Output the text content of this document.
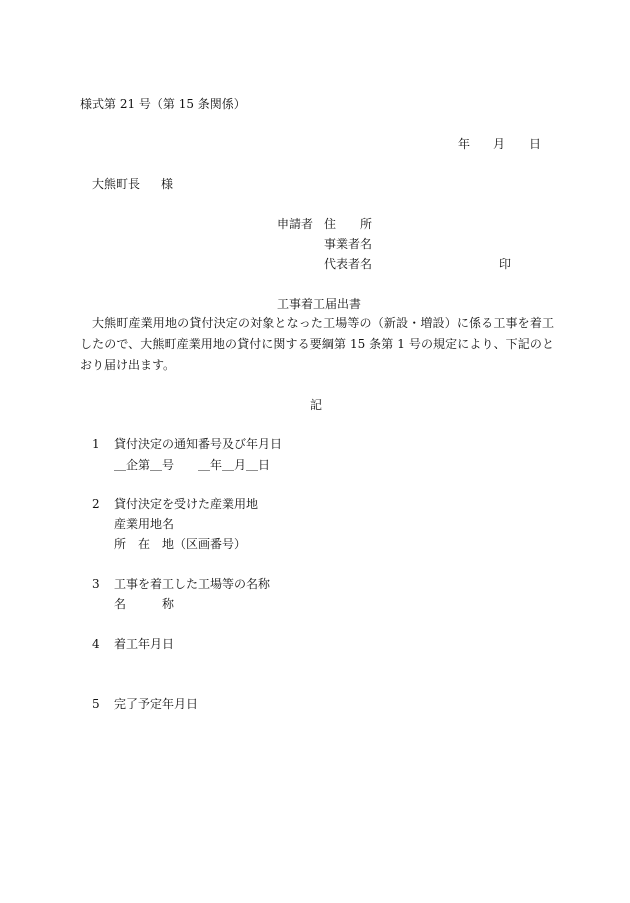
様式第 21 号（第 15 条関係）
年 月 日
大熊町長 様
申請者 住　　所
事業者名
代表者名	印
工事着工届出書
大熊町産業用地の貸付決定の対象となった工場等の（新設・増設）に係る工事を着工したので、大熊町産業用地の貸付に関する要綱第 15 条第 1 号の規定により、下記のとおり届け出ます。
記
1 貸付決定の通知番号及び年月日
＿企第＿号　　＿年＿月＿日
2 貸付決定を受けた産業用地
産業用地名
所　在　地（区画番号）
3 工事を着工した工場等の名称
名　　　称
4 着工年月日
5 完了予定年月日
